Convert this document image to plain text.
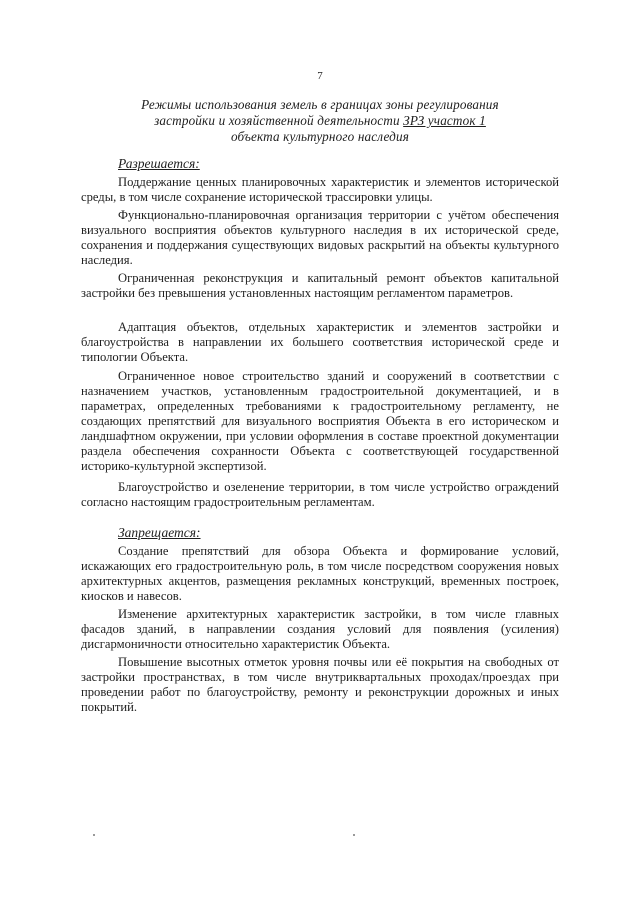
7
Режимы использования земель в границах зоны регулирования
застройки и хозяйственной деятельности ЗРЗ участок 1
объекта культурного наследия
Разрешается:
Поддержание ценных планировочных характеристик и элементов исторической среды, в том числе сохранение исторической трассировки улицы.
Функционально-планировочная организация территории с учётом обеспечения визуального восприятия объектов культурного наследия в их исторической среде, сохранения и поддержания существующих видовых раскрытий на объекты культурного наследия.
Ограниченная реконструкция и капитальный ремонт объектов капитальной застройки без превышения установленных настоящим регламентом параметров.
Адаптация объектов, отдельных характеристик и элементов застройки и благоустройства в направлении их большего соответствия исторической среде и типологии Объекта.
Ограниченное новое строительство зданий и сооружений в соответствии с назначением участков, установленным градостроительной документацией, и в параметрах, определенных требованиями к градостроительному регламенту, не создающих препятствий для визуального восприятия Объекта в его историческом и ландшафтном окружении, при условии оформления в составе проектной документации раздела обеспечения сохранности Объекта с соответствующей государственной историко-культурной экспертизой.
Благоустройство и озеленение территории, в том числе устройство ограждений согласно настоящим градостроительным регламентам.
Запрещается:
Создание препятствий для обзора Объекта и формирование условий, искажающих его градостроительную роль, в том числе посредством сооружения новых архитектурных акцентов, размещения рекламных конструкций, временных построек, киосков и навесов.
Изменение архитектурных характеристик застройки, в том числе главных фасадов зданий, в направлении создания условий для появления (усиления) дисгармоничности относительно характеристик Объекта.
Повышение высотных отметок уровня почвы или её покрытия на свободных от застройки пространствах, в том числе внутриквартальных проходах/проездах при проведении работ по благоустройству, ремонту и реконструкции дорожных и иных покрытий.
